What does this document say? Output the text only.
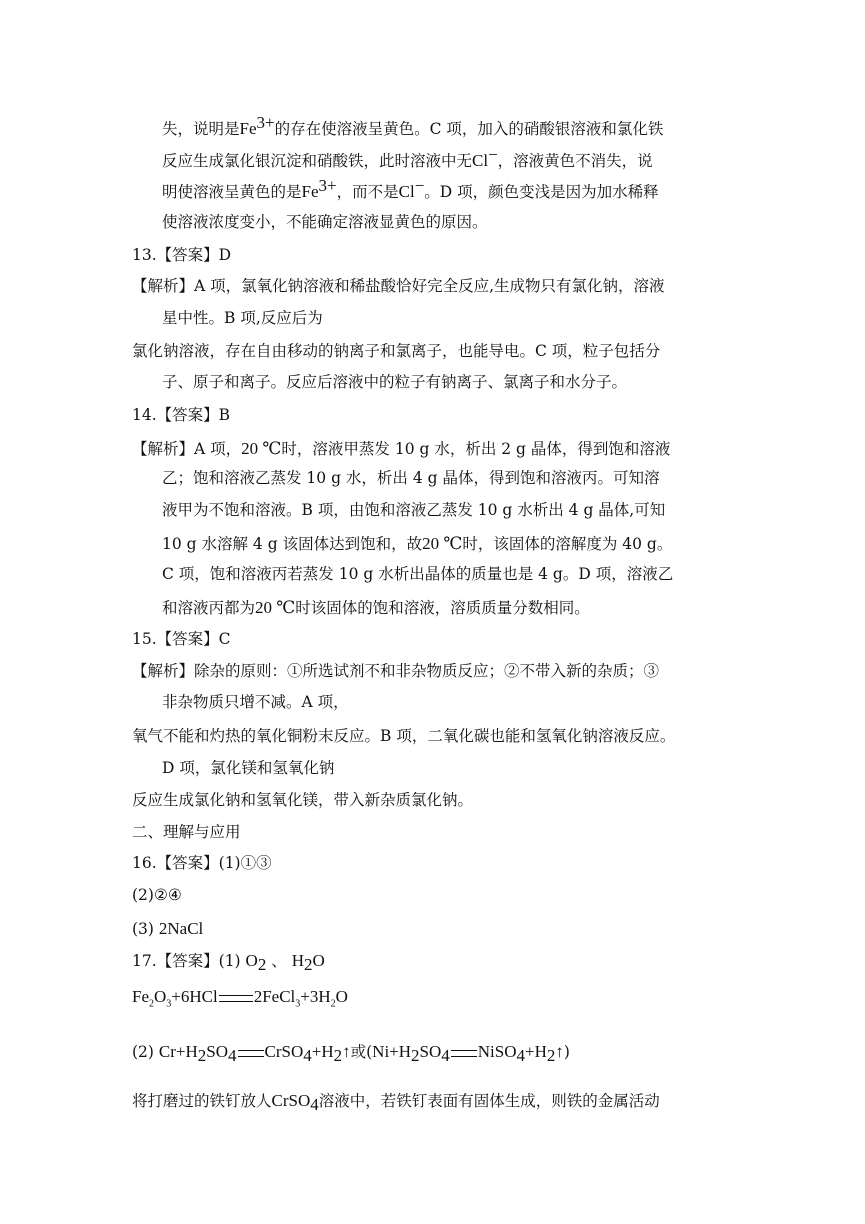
失，说明是$Fe^{3+}$的存在使溶液呈黄色。C 项，加入的硝酸银溶液和氯化铁
反应生成氯化银沉淀和硝酸铁，此时溶液中无Cl−，溶液黄色不消失，说
明使溶液呈黄色的是$Fe^{3+}$，而不是Cl−。D 项，颜色变浅是因为加水稀释
使溶液浓度变小，不能确定溶液显黄色的原因。
13.【答案】D
【解析】A 项，氯氧化钠溶液和稀盐酸恰好完全反应,生成物只有氯化钠，溶液
星中性。B 项,反应后为
氯化钠溶液，存在自由移动的钠离子和氯离子，也能导电。C 项，粒子包括分
子、原子和离子。反应后溶液中的粒子有钠离子、氯离子和水分子。
14.【答案】B
【解析】A 项，20 ℃时，溶液甲蒸发 10 g 水，析出 2 g 晶体，得到饱和溶液
乙；饱和溶液乙蒸发 10 g 水，析出 4 g 晶体，得到饱和溶液丙。可知溶
液甲为不饱和溶液。B 项，由饱和溶液乙蒸发 10 g 水析出 4 g 晶体,可知
10 g 水溶解 4 g 该固体达到饱和，故20 ℃时，该固体的溶解度为 40 g。
C 项，饱和溶液丙若蒸发 10 g 水析出晶体的质量也是 4 g。D 项，溶液乙
和溶液丙都为20 ℃时该固体的饱和溶液，溶质质量分数相同。
15.【答案】C
【解析】除杂的原则：①所选试剂不和非杂物质反应；②不带入新的杂质；③
非杂物质只增不减。A 项，
氧气不能和灼热的氧化铜粉末反应。B 项，二氧化碳也能和氢氧化钠溶液反应。
D 项，氯化镁和氢氧化钠
反应生成氯化钠和氢氧化镁，带入新杂质氯化钠。
二、理解与应用
16.【答案】(1)①③
(2)②④
(3) 2NaCl
17.【答案】(1) $O_2$ 、 $H_2O$
$Fe_2O_3+6HCl$ $2FeCl_3+3H_2O$
(2) $Cr+H_2SO_4$ $CrSO_4+H_2↑$或($Ni+H_2SO_4$ $NiSO_4+H_2↑$)
将打磨过的铁钉放人CrSO$_4$溶液中，若铁钉表面有固体生成，则铁的金属活动
